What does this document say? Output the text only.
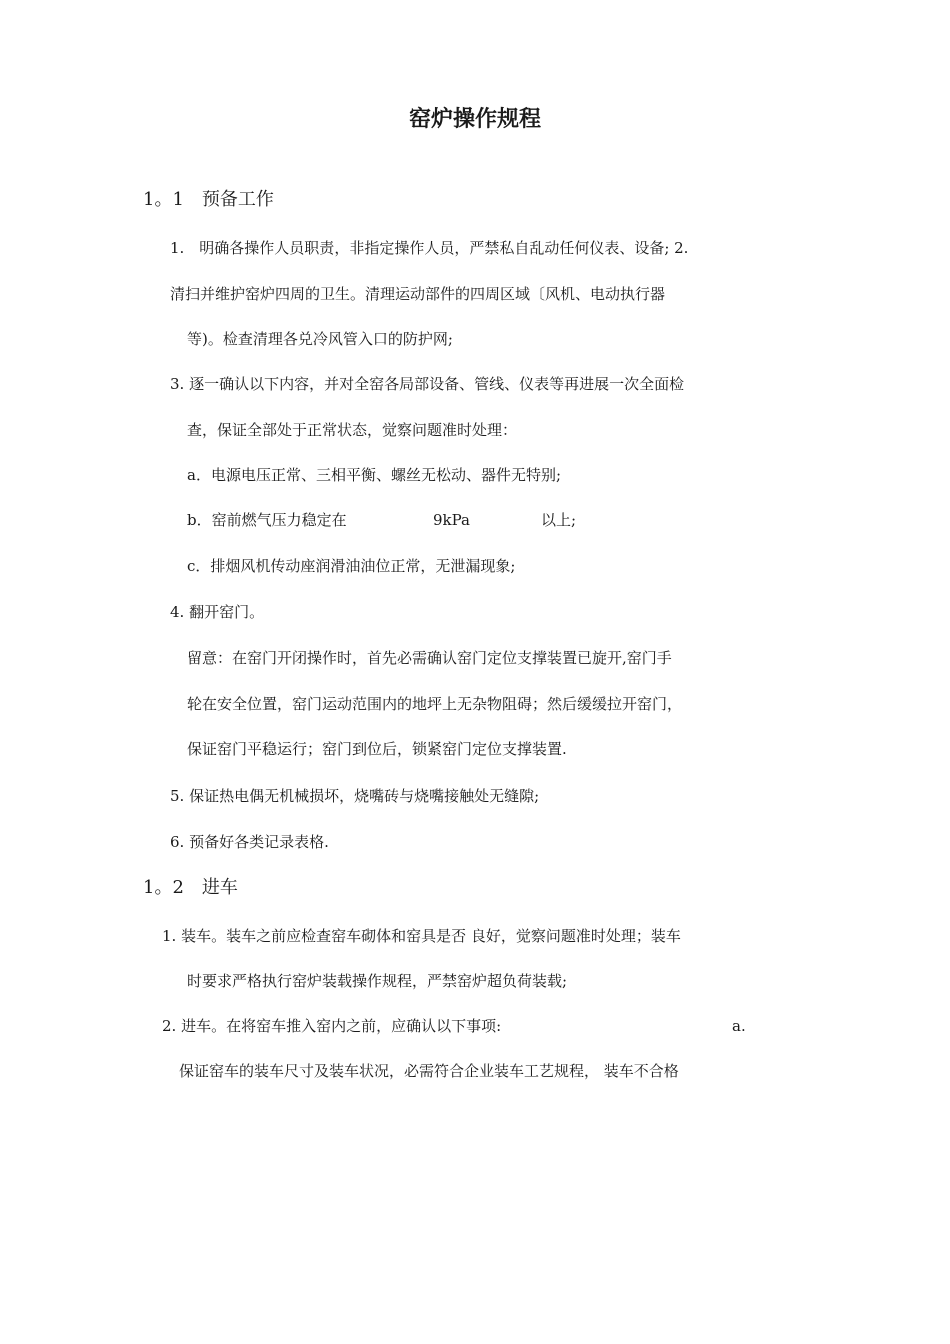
窑炉操作规程
1。1　预备工作
1.　明确各操作人员职责，非指定操作人员，严禁私自乱动任何仪表、设备; 2.
清扫并维护窑炉四周的卫生。清理运动部件的四周区域〔风机、电动执行器
等)。检查清理各兑冷风管入口的防护网;
3. 逐一确认以下内容，并对全窑各局部设备、管线、仪表等再进展一次全面检
查，保证全部处于正常状态，觉察问题准时处理：
a．电源电压正常、三相平衡、螺丝无松动、器件无特别;
b．窑前燃气压力稳定在	9kPa	以上;
c．排烟风机传动座润滑油油位正常，无泄漏现象;
4. 翻开窑门。
留意：在窑门开闭操作时，首先必需确认窑门定位支撑装置已旋开,窑门手
轮在安全位置，窑门运动范围内的地坪上无杂物阻碍；然后缓缓拉开窑门，
保证窑门平稳运行；窑门到位后，锁紧窑门定位支撑装置.
5. 保证热电偶无机械损坏，烧嘴砖与烧嘴接触处无缝隙;
6. 预备好各类记录表格.
1。2　进车
1. 装车。装车之前应检查窑车砌体和窑具是否 良好，觉察问题准时处理；装车
时要求严格执行窑炉装载操作规程，严禁窑炉超负荷装载;
2. 进车。在将窑车推入窑内之前，应确认以下事项:	a.
保证窑车的装车尺寸及装车状况，必需符合企业装车工艺规程， 装车不合格
